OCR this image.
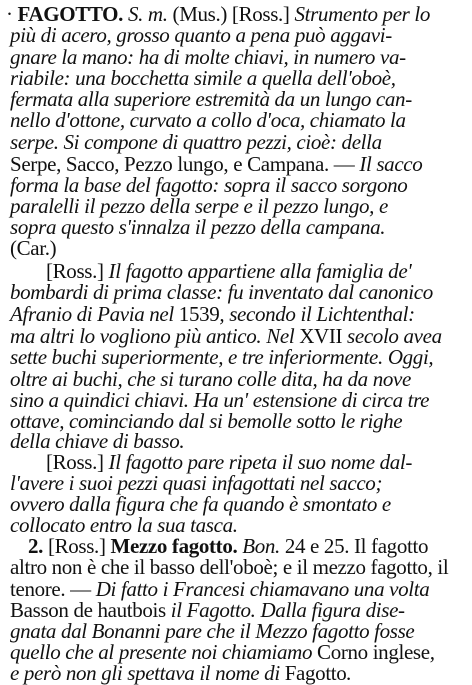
· FAGOTTO. S. m. (Mus.) [Ross.] Strumento per lo
più di acero, grosso quanto a pena può aggavi-
gnare la mano: ha di molte chiavi, in numero va-
riabile: una bocchetta simile a quella dell'oboè,
fermata alla superiore estremità da un lungo can-
nello d'ottone, curvato a collo d'oca, chiamato la
serpe. Si compone di quattro pezzi, cioè: della
Serpe, Sacco, Pezzo lungo, e Campana. — Il sacco
forma la base del fagotto: sopra il sacco sorgono
paralelli il pezzo della serpe e il pezzo lungo, e
sopra questo s'innalza il pezzo della campana.
(Car.)
[Ross.] Il fagotto appartiene alla famiglia de'
bombardi di prima classe: fu inventato dal canonico
Afranio di Pavia nel 1539, secondo il Lichtenthal:
ma altri lo vogliono più antico. Nel XVII secolo avea
sette buchi superiormente, e tre inferiormente. Oggi,
oltre ai buchi, che si turano colle dita, ha da nove
sino a quindici chiavi. Ha un' estensione di circa tre
ottave, cominciando dal si bemolle sotto le righe
della chiave di basso.
[Ross.] Il fagotto pare ripeta il suo nome dal-
l'avere i suoi pezzi quasi infagottati nel sacco;
ovvero dalla figura che fa quando è smontato e
collocato entro la sua tasca.
2. [Ross.] Mezzo fagotto. Bon. 24 e 25. Il fagotto
altro non è che il basso dell'oboè; e il mezzo fagotto, il
tenore. — Di fatto i Francesi chiamavano una volta
Basson de hautbois il Fagotto. Dalla figura dise-
gnata dal Bonanni pare che il Mezzo fagotto fosse
quello che al presente noi chiamiamo Corno inglese,
e però non gli spettava il nome di Fagotto.
